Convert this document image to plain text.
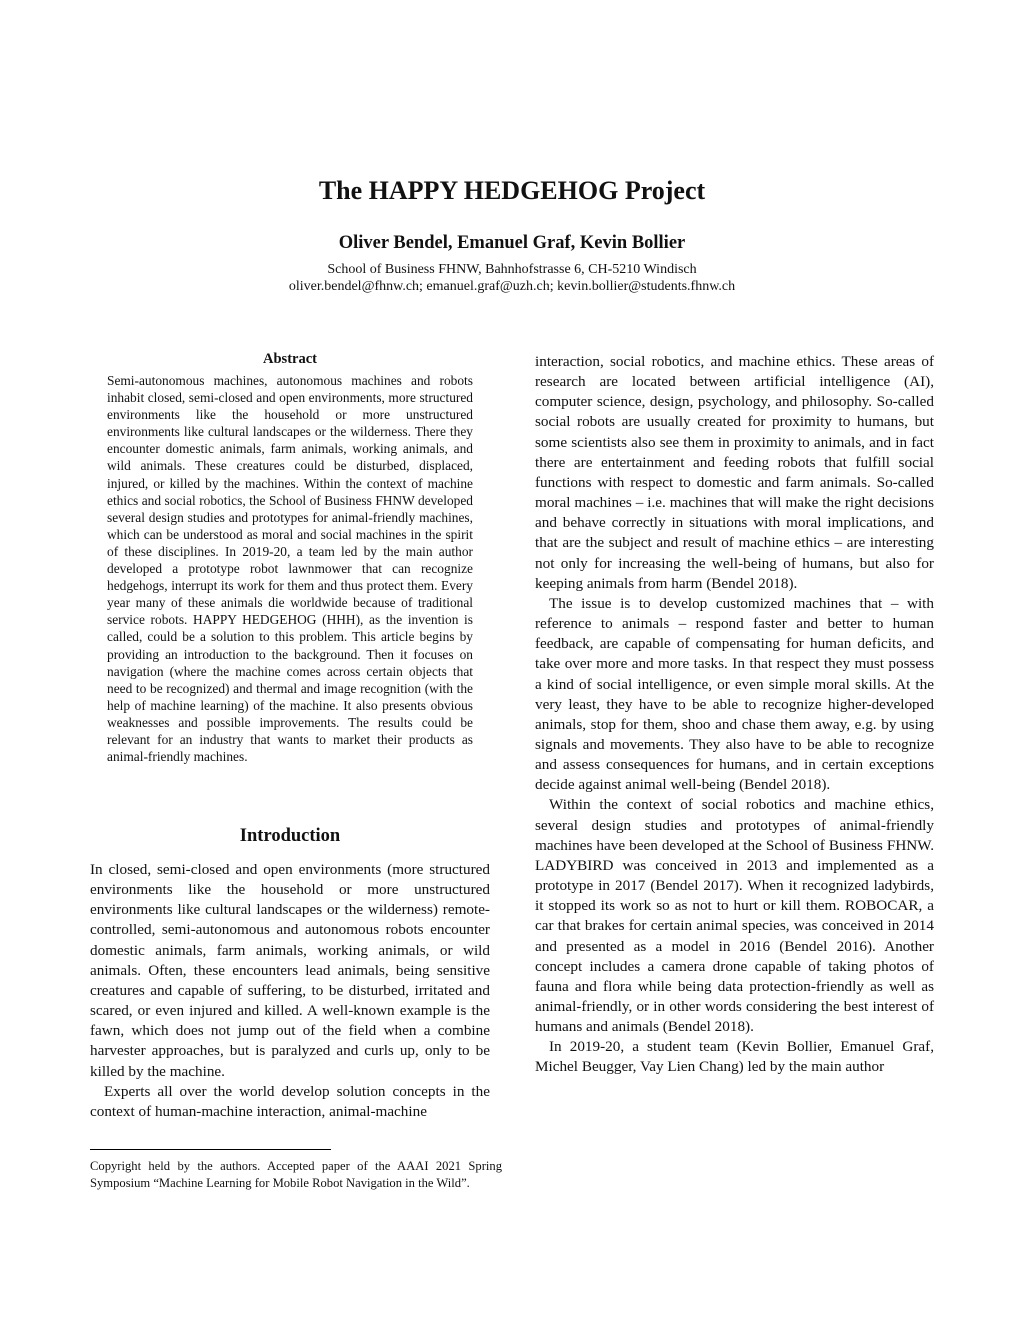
The HAPPY HEDGEHOG Project
Oliver Bendel, Emanuel Graf, Kevin Bollier
School of Business FHNW, Bahnhofstrasse 6, CH-5210 Windisch
oliver.bendel@fhnw.ch; emanuel.graf@uzh.ch; kevin.bollier@students.fhnw.ch
Abstract
Semi-autonomous machines, autonomous machines and robots inhabit closed, semi-closed and open environments, more structured environments like the household or more unstructured environments like cultural landscapes or the wilderness. There they encounter domestic animals, farm animals, working animals, and wild animals. These creatures could be disturbed, displaced, injured, or killed by the machines. Within the context of machine ethics and social robotics, the School of Business FHNW developed several design studies and prototypes for animal-friendly machines, which can be understood as moral and social machines in the spirit of these disciplines. In 2019-20, a team led by the main author developed a prototype robot lawnmower that can recognize hedgehogs, interrupt its work for them and thus protect them. Every year many of these animals die worldwide because of traditional service robots. HAPPY HEDGEHOG (HHH), as the invention is called, could be a solution to this problem. This article begins by providing an introduction to the background. Then it focuses on navigation (where the machine comes across certain objects that need to be recognized) and thermal and image recognition (with the help of machine learning) of the machine. It also presents obvious weaknesses and possible improvements. The results could be relevant for an industry that wants to market their products as animal-friendly machines.
Introduction

In closed, semi-closed and open environments (more structured environments like the household or more unstructured environments like cultural landscapes or the wilderness) remote-controlled, semi-autonomous and autonomous robots encounter domestic animals, farm animals, working animals, or wild animals. Often, these encounters lead animals, being sensitive creatures and capable of suffering, to be disturbed, irritated and scared, or even injured and killed. A well-known example is the fawn, which does not jump out of the field when a combine harvester approaches, but is paralyzed and curls up, only to be killed by the machine.

Experts all over the world develop solution concepts in the context of human-machine interaction, animal-machine

Copyright held by the authors. Accepted paper of the AAAI 2021 Spring Symposium “Machine Learning for Mobile Robot Navigation in the Wild”.

interaction, social robotics, and machine ethics. These areas of research are located between artificial intelligence (AI), computer science, design, psychology, and philosophy. So-called social robots are usually created for proximity to humans, but some scientists also see them in proximity to animals, and in fact there are entertainment and feeding robots that fulfill social functions with respect to domestic and farm animals. So-called moral machines – i.e. machines that will make the right decisions and behave correctly in situations with moral implications, and that are the subject and result of machine ethics – are interesting not only for increasing the well-being of humans, but also for keeping animals from harm (Bendel 2018).

The issue is to develop customized machines that – with reference to animals – respond faster and better to human feedback, are capable of compensating for human deficits, and take over more and more tasks. In that respect they must possess a kind of social intelligence, or even simple moral skills. At the very least, they have to be able to recognize higher-developed animals, stop for them, shoo and chase them away, e.g. by using signals and movements. They also have to be able to recognize and assess consequences for humans, and in certain exceptions decide against animal well-being (Bendel 2018).

Within the context of social robotics and machine ethics, several design studies and prototypes of animal-friendly machines have been developed at the School of Business FHNW. LADYBIRD was conceived in 2013 and implemented as a prototype in 2017 (Bendel 2017). When it recognized ladybirds, it stopped its work so as not to hurt or kill them. ROBOCAR, a car that brakes for certain animal species, was conceived in 2014 and presented as a model in 2016 (Bendel 2016). Another concept includes a camera drone capable of taking photos of fauna and flora while being data protection-friendly as well as animal-friendly, or in other words considering the best interest of humans and animals (Bendel 2018).

In 2019-20, a student team (Kevin Bollier, Emanuel Graf, Michel Beugger, Vay Lien Chang) led by the main author
